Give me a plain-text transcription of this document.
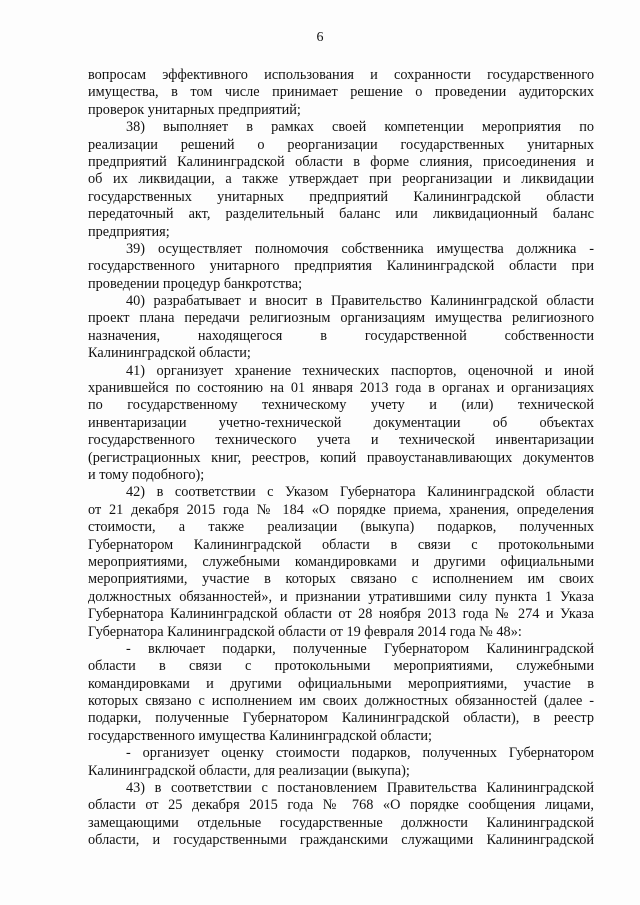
6
вопросам эффективного использования и сохранности государственного
имущества, в том числе принимает решение о проведении аудиторских
проверок унитарных предприятий;
38) выполняет в рамках своей компетенции мероприятия по
реализации решений о реорганизации государственных унитарных
предприятий Калининградской области в форме слияния, присоединения и
об их ликвидации, а также утверждает при реорганизации и ликвидации
государственных унитарных предприятий Калининградской области
передаточный акт, разделительный баланс или ликвидационный баланс
предприятия;
39) осуществляет полномочия собственника имущества должника -
государственного унитарного предприятия Калининградской области при
проведении процедур банкротства;
40) разрабатывает и вносит в Правительство Калининградской области
проект плана передачи религиозным организациям имущества религиозного
назначения, находящегося в государственной собственности
Калининградской области;
41) организует хранение технических паспортов, оценочной и иной
хранившейся по состоянию на 01 января 2013 года в органах и организациях
по государственному техническому учету и (или) технической
инвентаризации учетно-технической документации об объектах
государственного технического учета и технической инвентаризации
(регистрационных книг, реестров, копий правоустанавливающих документов
и тому подобного);
42) в соответствии с Указом Губернатора Калининградской области
от 21 декабря 2015 года № 184 «О порядке приема, хранения, определения
стоимости, а также реализации (выкупа) подарков, полученных
Губернатором Калининградской области в связи с протокольными
мероприятиями, служебными командировками и другими официальными
мероприятиями, участие в которых связано с исполнением им своих
должностных обязанностей», и признании утратившими силу пункта 1 Указа
Губернатора Калининградской области от 28 ноября 2013 года № 274 и Указа
Губернатора Калининградской области от 19 февраля 2014 года № 48»:
- включает подарки, полученные Губернатором Калининградской
области в связи с протокольными мероприятиями, служебными
командировками и другими официальными мероприятиями, участие в
которых связано с исполнением им своих должностных обязанностей (далее -
подарки, полученные Губернатором Калининградской области), в реестр
государственного имущества Калининградской области;
- организует оценку стоимости подарков, полученных Губернатором
Калининградской области, для реализации (выкупа);
43) в соответствии с постановлением Правительства Калининградской
области от 25 декабря 2015 года № 768 «О порядке сообщения лицами,
замещающими отдельные государственные должности Калининградской
области, и государственными гражданскими служащими Калининградской
